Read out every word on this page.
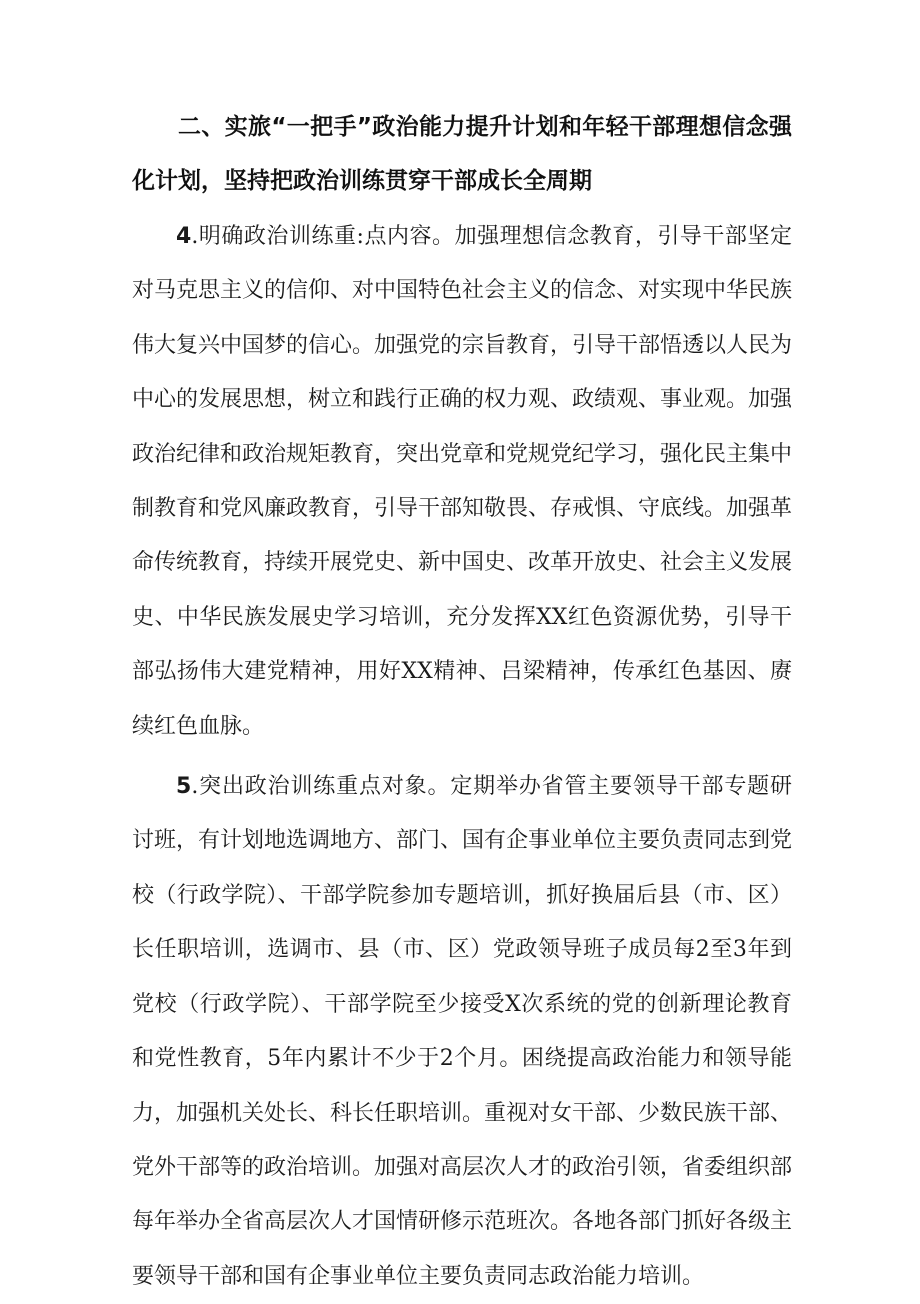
二、实旅“一把手”政治能力提升计划和年轻干部理想信念强化计划，坚持把政治训练贯穿干部成长全周期

4.明确政治训练重:点内容。加强理想信念教育，引导干部坚定对马克思主义的信仰、对中国特色社会主义的信念、对实现中华民族伟大复兴中国梦的信心。加强党的宗旨教育，引导干部悟透以人民为中心的发展思想，树立和践行正确的权力观、政绩观、事业观。加强政治纪律和政治规矩教育，突出党章和党规党纪学习，强化民主集中制教育和党风廉政教育，引导干部知敬畏、存戒惧、守底线。加强革命传统教育，持续开展党史、新中国史、改革开放史、社会主义发展史、中华民族发展史学习培训，充分发挥XX红色资源优势，引导干部弘扬伟大建党精神，用好XX精神、吕梁精神，传承红色基因、赓续红色血脉。

5.突出政治训练重点对象。定期举办省管主要领导干部专题研讨班，有计划地选调地方、部门、国有企事业单位主要负责同志到党校（行政学院）、干部学院参加专题培训，抓好换届后县（市、区）长任职培训，选调市、县（市、区）党政领导班子成员每2至3年到党校（行政学院）、干部学院至少接受X次系统的党的创新理论教育和党性教育，5年内累计不少于2个月。困绕提高政治能力和领导能力，加强机关处长、科长任职培训。重视对女干部、少数民族干部、党外干部等的政治培训。加强对高层次人才的政治引领，省委组织部每年举办全省高层次人才国情研修示范班次。各地各部门抓好各级主要领导干部和国有企事业单位主要负责同志政治能力培训。
